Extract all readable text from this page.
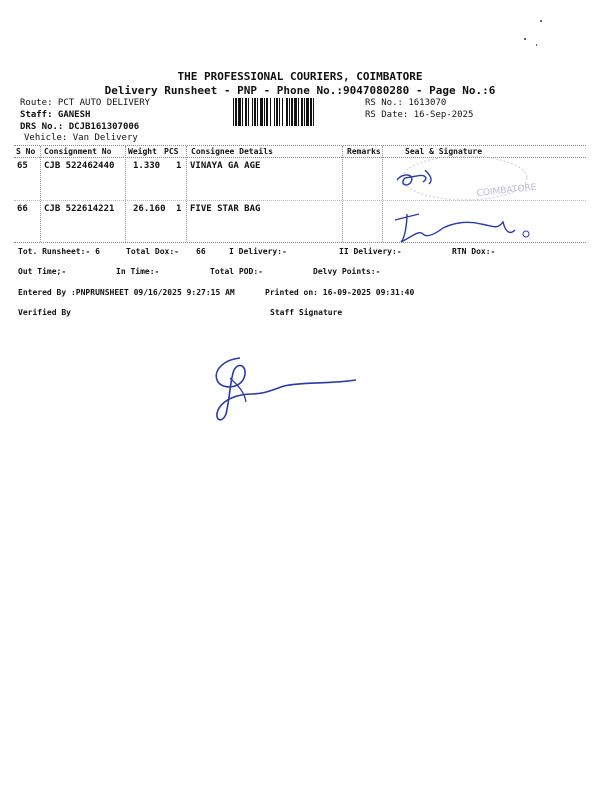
THE PROFESSIONAL COURIERS, COIMBATORE
Delivery Runsheet - PNP - Phone No.:9047080280 - Page No.:6
Route: PCT AUTO DELIVERY
Staff: GANESH
DRS No.: DCJB161307006
Vehicle: Van Delivery
RS No.: 1613070
RS Date: 16-Sep-2025
S No Consignment No Weight PCS Consignee Details	Remarks	Seal & Signature
65 CJB 522462440 1.330 1 VINAYA GA AGE
66 CJB 522614221 26.160 1 FIVE STAR BAG
COIMBATORE
Tot. Runsheet:- 6	Total Dox:- 66	I Delivery:-	II Delivery:-	RTN Dox:-
Out Time;-	In Time:-	Total POD:-	Delvy Points:-
Entered By :PNPRUNSHEET 09/16/2025 9:27:15 AM	Printed on: 16-09-2025 09:31:40
Verified By	Staff Signature
